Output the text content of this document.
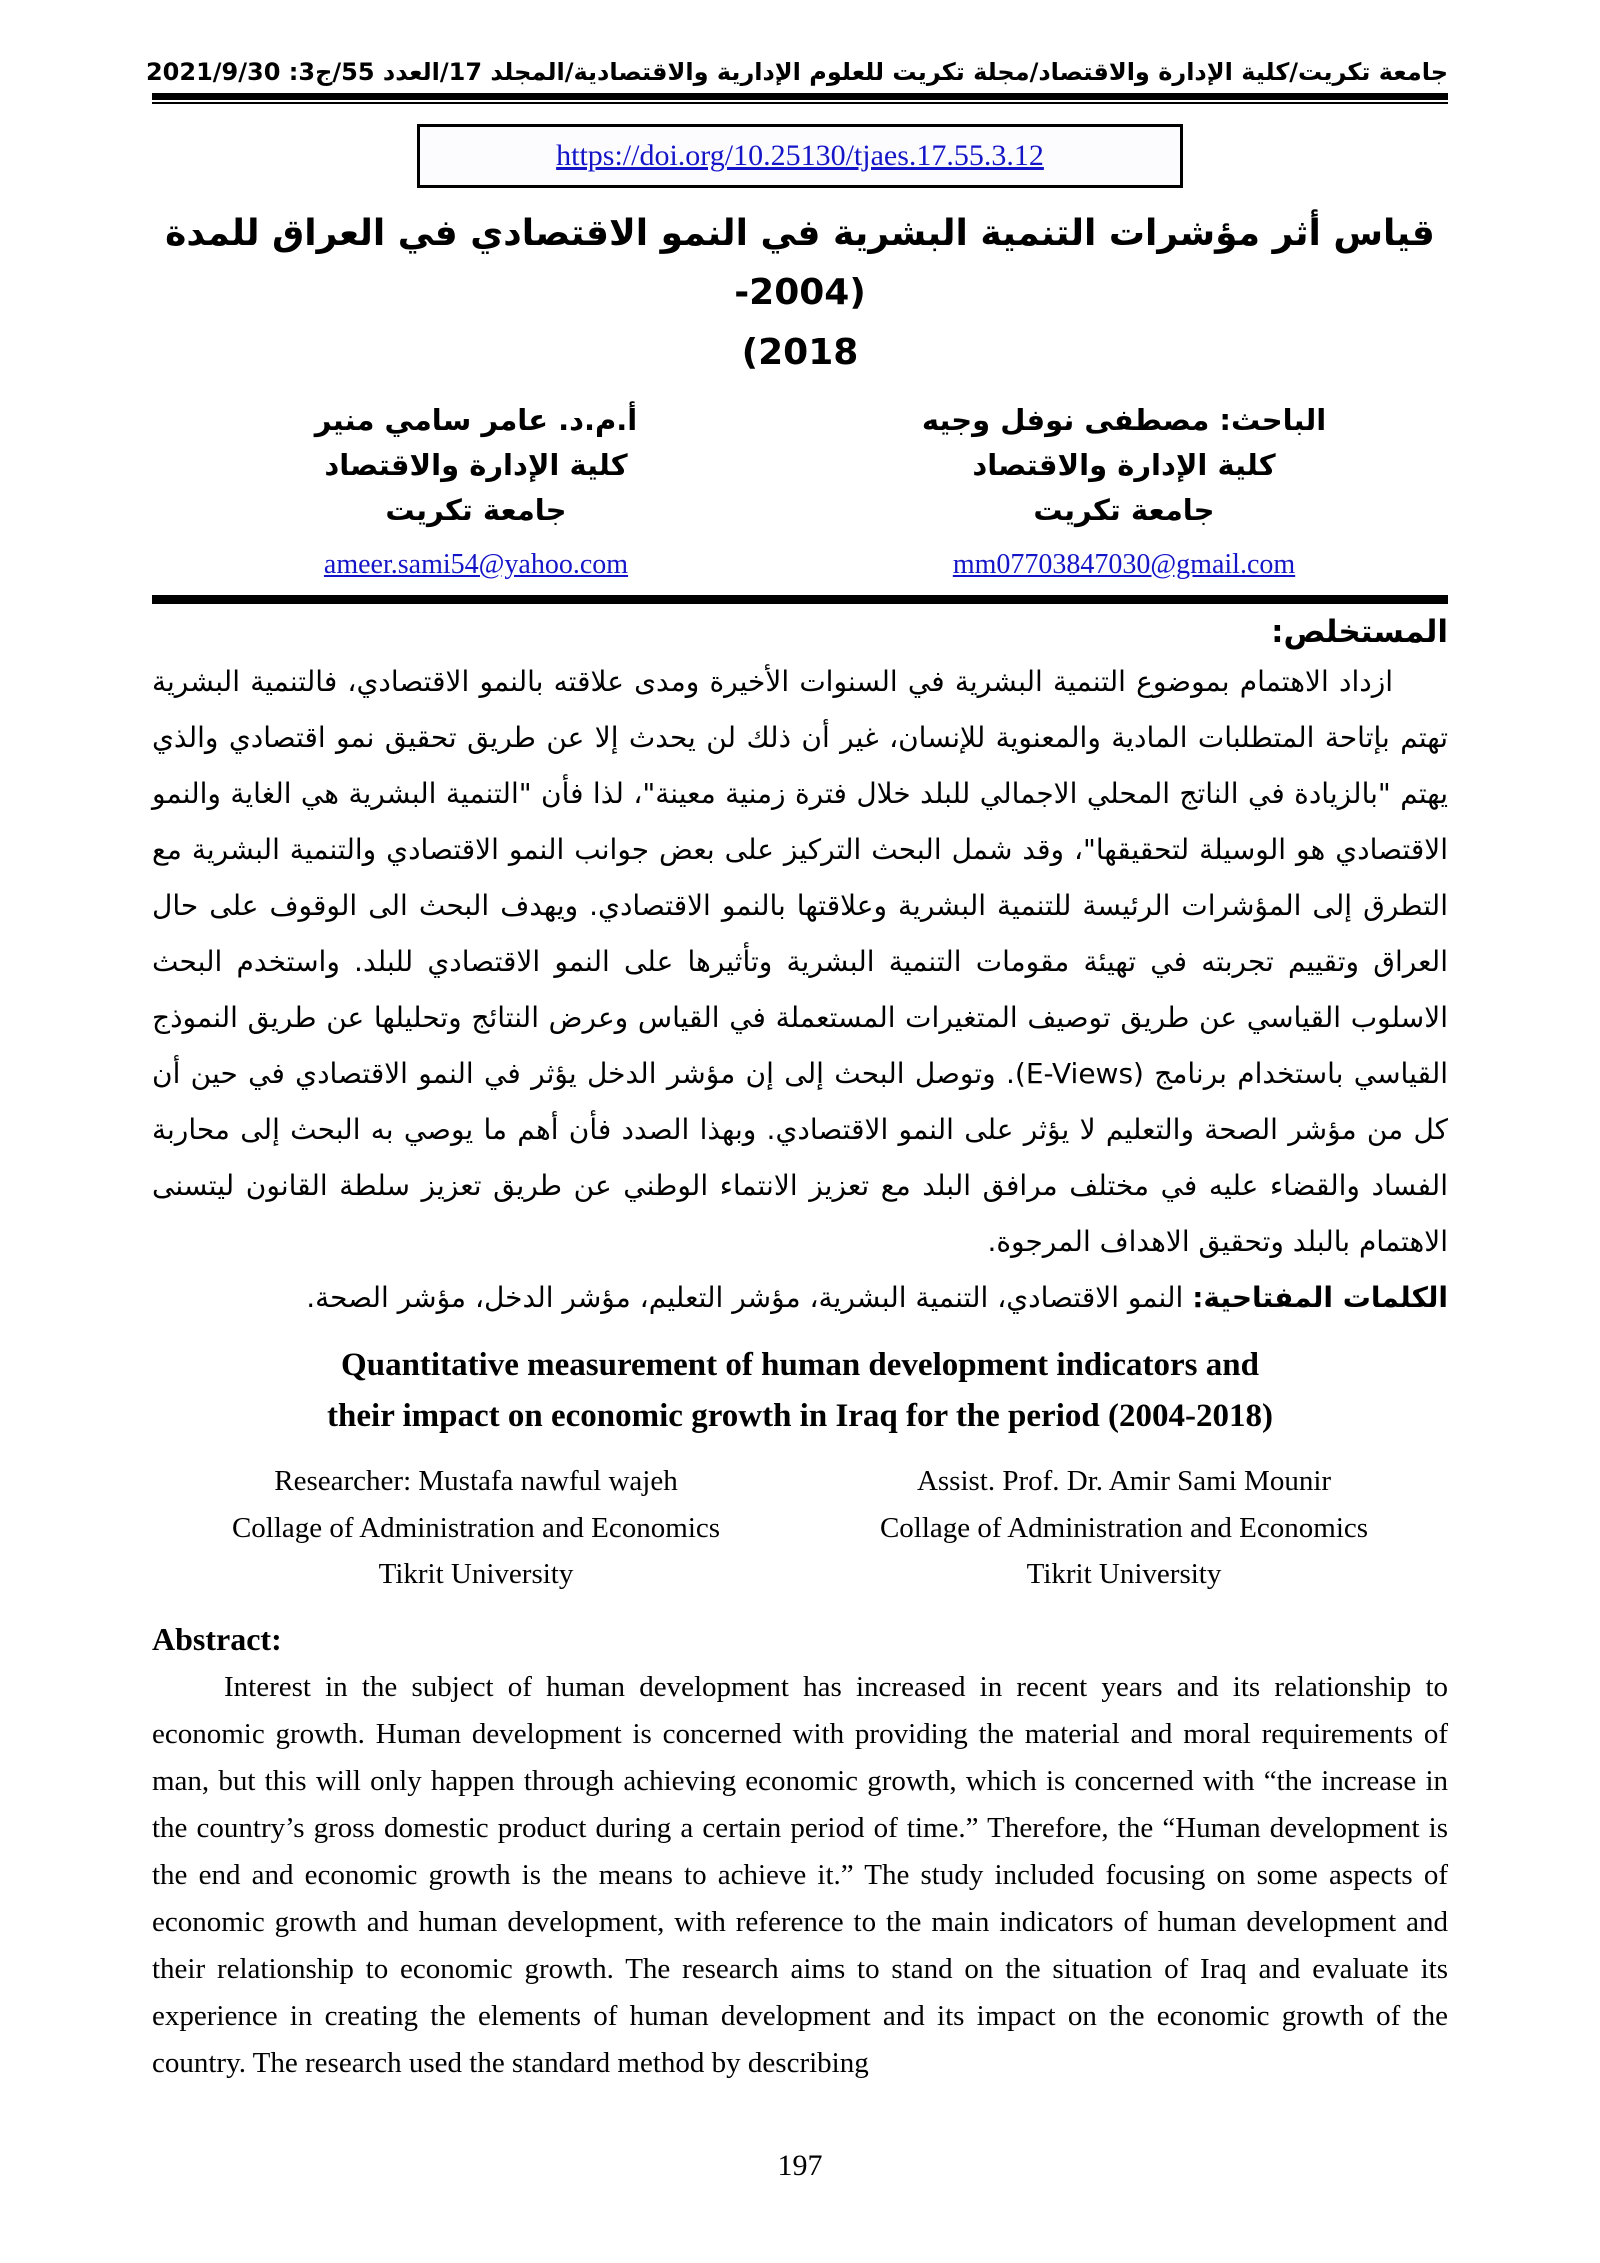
جامعة تكريت/كلية الإدارة والاقتصاد/مجلة تكريت للعلوم الإدارية والاقتصادية/المجلد 17/العدد 55/ج3: 2021/9/30
https://doi.org/10.25130/tjaes.17.55.3.12
قياس أثر مؤشرات التنمية البشرية في النمو الاقتصادي في العراق للمدة (2004-
2018)
الباحث: مصطفى نوفل وجيه
كلية الإدارة والاقتصاد
جامعة تكريت
mm07703847030@gmail.com
أ.م.د. عامر سامي منير
كلية الإدارة والاقتصاد
جامعة تكريت
ameer.sami54@yahoo.com
المستخلص:

ازداد الاهتمام بموضوع التنمية البشرية في السنوات الأخيرة ومدى علاقته بالنمو الاقتصادي، فالتنمية البشرية تهتم بإتاحة المتطلبات المادية والمعنوية للإنسان، غير أن ذلك لن يحدث إلا عن طريق تحقيق نمو اقتصادي والذي يهتم "بالزيادة في الناتج المحلي الاجمالي للبلد خلال فترة زمنية معينة"، لذا فأن "التنمية البشرية هي الغاية والنمو الاقتصادي هو الوسيلة لتحقيقها"، وقد شمل البحث التركيز على بعض جوانب النمو الاقتصادي والتنمية البشرية مع التطرق إلى المؤشرات الرئيسة للتنمية البشرية وعلاقتها بالنمو الاقتصادي. ويهدف البحث الى الوقوف على حال العراق وتقييم تجربته في تهيئة مقومات التنمية البشرية وتأثيرها على النمو الاقتصادي للبلد. واستخدم البحث الاسلوب القياسي عن طريق توصيف المتغيرات المستعملة في القياس وعرض النتائج وتحليلها عن طريق النموذج القياسي باستخدام برنامج (E-Views). وتوصل البحث إلى إن مؤشر الدخل يؤثر في النمو الاقتصادي في حين أن كل من مؤشر الصحة والتعليم لا يؤثر على النمو الاقتصادي. وبهذا الصدد فأن أهم ما يوصي به البحث إلى محاربة الفساد والقضاء عليه في مختلف مرافق البلد مع تعزيز الانتماء الوطني عن طريق تعزيز سلطة القانون ليتسنى الاهتمام بالبلد وتحقيق الاهداف المرجوة.

الكلمات المفتاحية: النمو الاقتصادي، التنمية البشرية، مؤشر التعليم، مؤشر الدخل، مؤشر الصحة.

Quantitative measurement of human development indicators and
their impact on economic growth in Iraq for the period (2004-2018)
Researcher: Mustafa nawful wajeh
Collage of Administration and Economics
Tikrit University
Assist. Prof. Dr. Amir Sami Mounir
Collage of Administration and Economics
Tikrit University
Abstract:

Interest in the subject of human development has increased in recent years and its relationship to economic growth. Human development is concerned with providing the material and moral requirements of man, but this will only happen through achieving economic growth, which is concerned with “the increase in the country’s gross domestic product during a certain period of time.” Therefore, the “Human development is the end and economic growth is the means to achieve it.” The study included focusing on some aspects of economic growth and human development, with reference to the main indicators of human development and their relationship to economic growth. The research aims to stand on the situation of Iraq and evaluate its experience in creating the elements of human development and its impact on the economic growth of the country. The research used the standard method by describing

197
